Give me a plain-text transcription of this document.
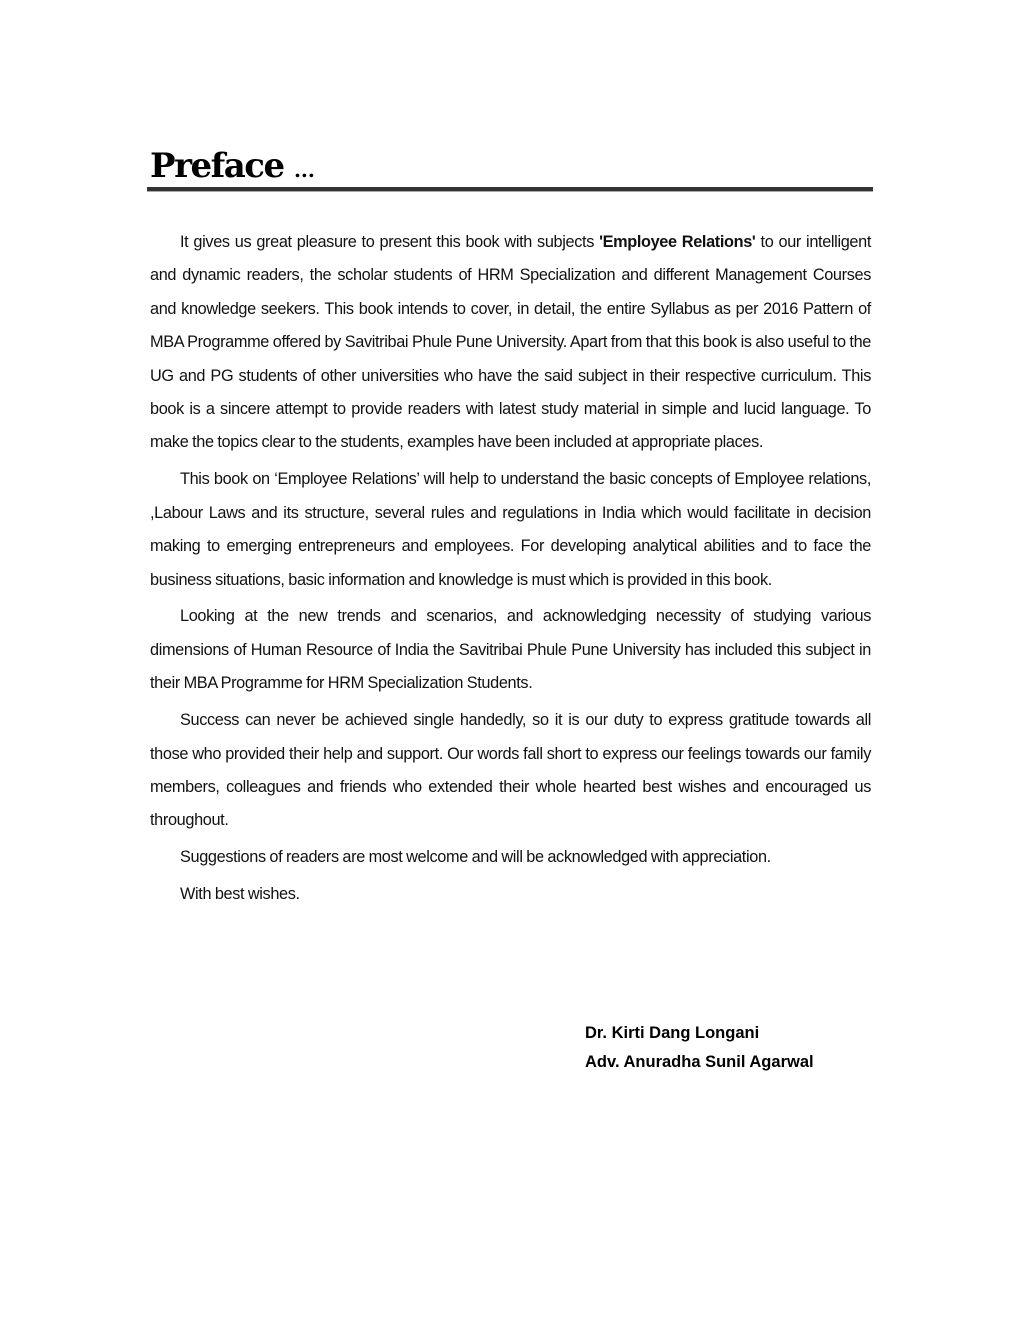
Preface ...

It gives us great pleasure to present this book with subjects 'Employee Relations' to our intelligent and dynamic readers, the scholar students of HRM Specialization and different Management Courses and knowledge seekers. This book intends to cover, in detail, the entire Syllabus as per 2016 Pattern of MBA Programme offered by Savitribai Phule Pune University. Apart from that this book is also useful to the UG and PG students of other universities who have the said subject in their respective curriculum. This book is a sincere attempt to provide readers with latest study material in simple and lucid language. To make the topics clear to the students, examples have been included at appropriate places.

This book on ‘Employee Relations’ will help to understand the basic concepts of Employee relations, ,Labour Laws and its structure, several rules and regulations in India which would facilitate in decision making to emerging entrepreneurs and employees. For developing analytical abilities and to face the business situations, basic information and knowledge is must which is provided in this book.

Looking at the new trends and scenarios, and acknowledging necessity of studying various dimensions of Human Resource of India the Savitribai Phule Pune University has included this subject in their MBA Programme for HRM Specialization Students.

Success can never be achieved single handedly, so it is our duty to express gratitude towards all those who provided their help and support. Our words fall short to express our feelings towards our family members, colleagues and friends who extended their whole hearted best wishes and encouraged us throughout.

Suggestions of readers are most welcome and will be acknowledged with appreciation.

With best wishes.

Dr. Kirti Dang Longani
Adv. Anuradha Sunil Agarwal
